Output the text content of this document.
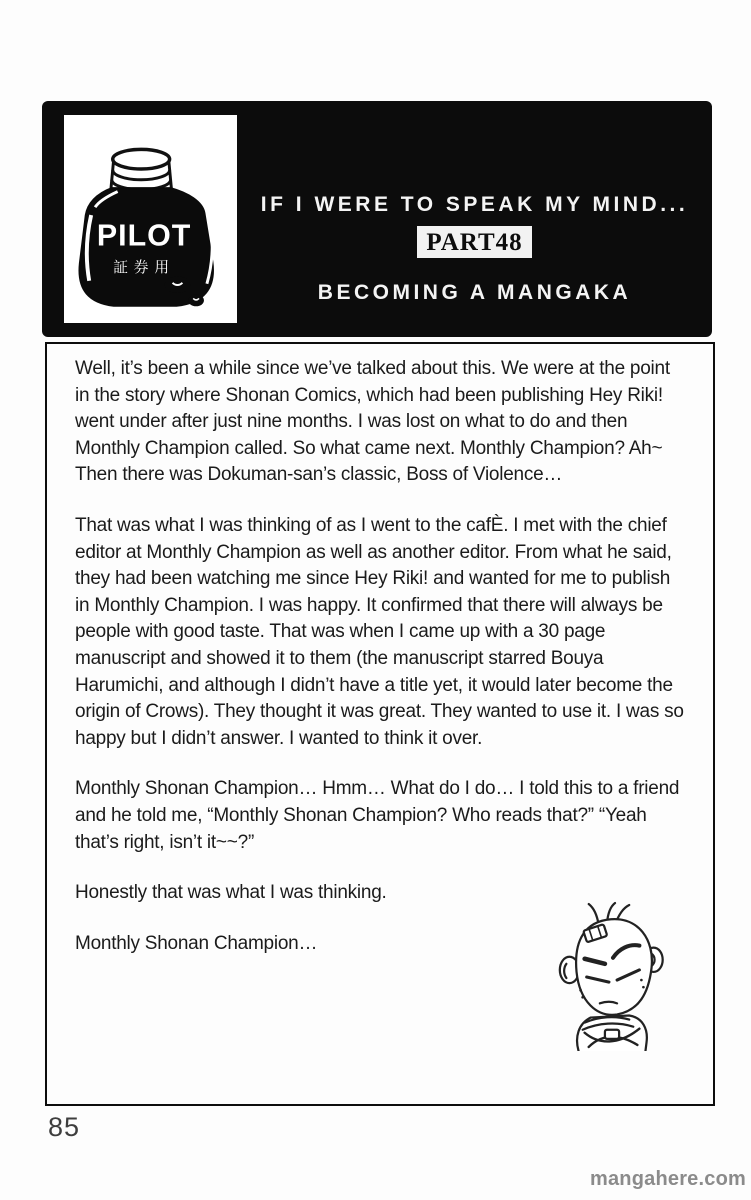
PILOT
証券用
IF I WERE TO SPEAK MY MIND...
PART48
BECOMING A MANGAKA

Well, it’s been a while since we’ve talked about this. We were at the point in the story where Shonan Comics, which had been publishing Hey Riki! went under after just nine months. I was lost on what to do and then Monthly Champion called. So what came next. Monthly Champion? Ah~ Then there was Dokuman-san’s classic, Boss of Violence…

That was what I was thinking of as I went to the cafÈ. I met with the chief editor at Monthly Champion as well as another editor. From what he said, they had been watching me since Hey Riki! and wanted for me to publish in Monthly Champion. I was happy. It confirmed that there will always be people with good taste. That was when I came up with a 30 page manuscript and showed it to them (the manuscript starred Bouya Harumichi, and although I didn’t have a title yet, it would later become the origin of Crows). They thought it was great. They wanted to use it. I was so happy but I didn’t answer. I wanted to think it over.

Monthly Shonan Champion… Hmm… What do I do… I told this to a friend and he told me, “Monthly Shonan Champion? Who reads that?” “Yeah that’s right, isn’t it~~?”

Honestly that was what I was thinking.

Monthly Shonan Champion…

85
mangahere.com
